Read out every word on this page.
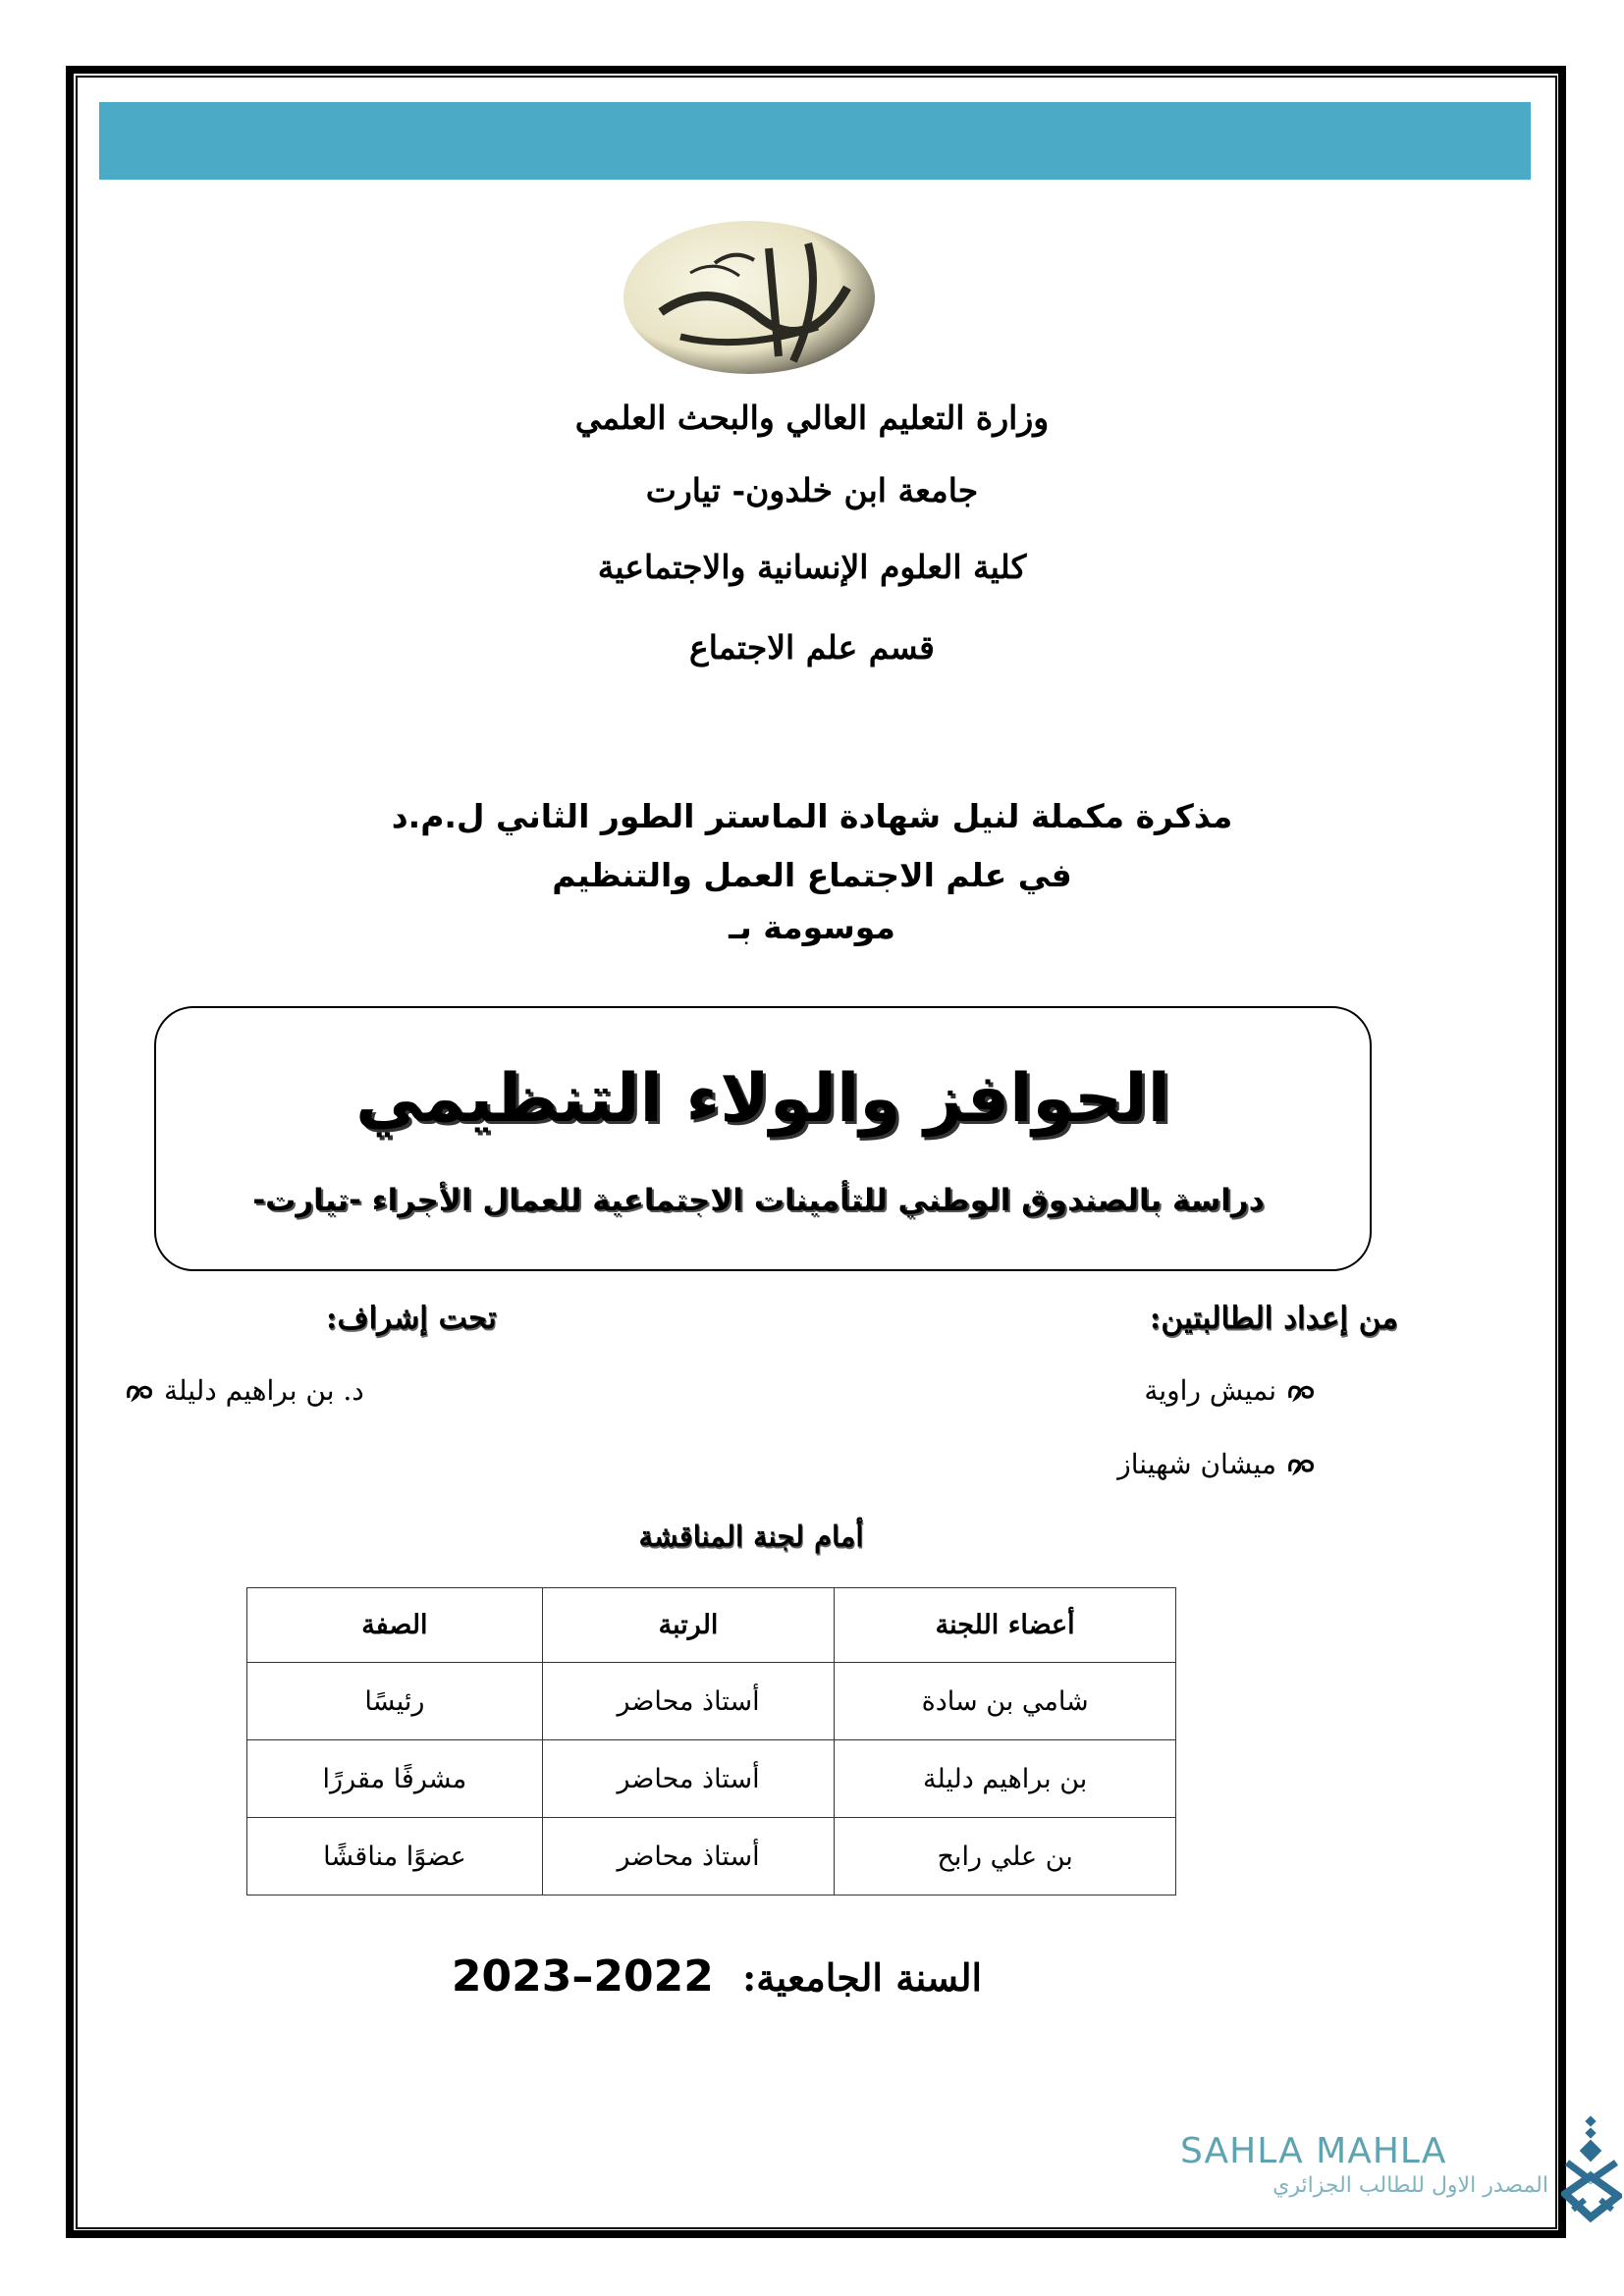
وزارة التعليم العالي والبحث العلمي
جامعة ابن خلدون- تيارت
كلية العلوم الإنسانية والاجتماعية
قسم علم الاجتماع
مذكرة مكملة لنيل شهادة الماستر الطور الثاني ل.م.د
في علم الاجتماع العمل والتنظيم
موسومة بـ
الحوافز والولاء التنظيمي
دراسة بالصندوق الوطني للتأمينات الاجتماعية للعمال الأجراء -تيارت-
من إعداد الطالبتين:
نميش راوية
ميشان شهيناز
تحت إشراف:
د. بن براهيم دليلة
أمام لجنة المناقشة
أعضاء اللجنة	الرتبة	الصفة
شامي بن سادة	أستاذ محاضر	رئيسًا
بن براهيم دليلة	أستاذ محاضر	مشرفًا مقررًا
بن علي رابح	أستاذ محاضر	عضوًا مناقشًا
السنة الجامعية: 2023–2022
SAHLA MAHLA
المصدر الاول للطالب الجزائري
